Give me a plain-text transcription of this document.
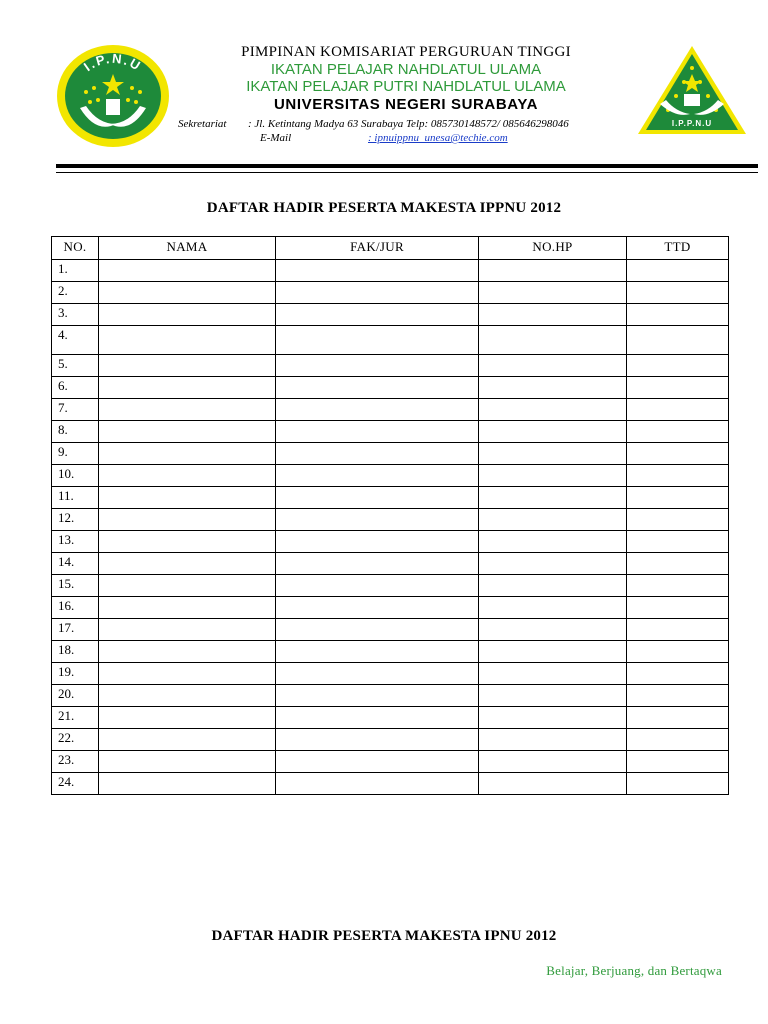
I.P.N.U
PIMPINAN KOMISARIAT PERGURUAN TINGGI
IKATAN PELAJAR NAHDLATUL ULAMA
IKATAN PELAJAR PUTRI NAHDLATUL ULAMA
UNIVERSITAS NEGERI SURABAYA
Sekretariat	: Jl. Ketintang Madya 63 Surabaya Telp: 085730148572/ 085646298046
E-Mail	: ipnuippnu_unesa@techie.com
I.P.P.N.U
DAFTAR HADIR PESERTA MAKESTA IPPNU 2012
NO.	NAMA	FAK/JUR	NO.HP	TTD
1.				
2.				
3.				
4.				
5.				
6.				
7.				
8.				
9.				
10.				
11.				
12.				
13.				
14.				
15.				
16.				
17.				
18.				
19.				
20.				
21.				
22.				
23.				
24.				
DAFTAR HADIR PESERTA MAKESTA IPNU 2012
Belajar, Berjuang, dan Bertaqwa
